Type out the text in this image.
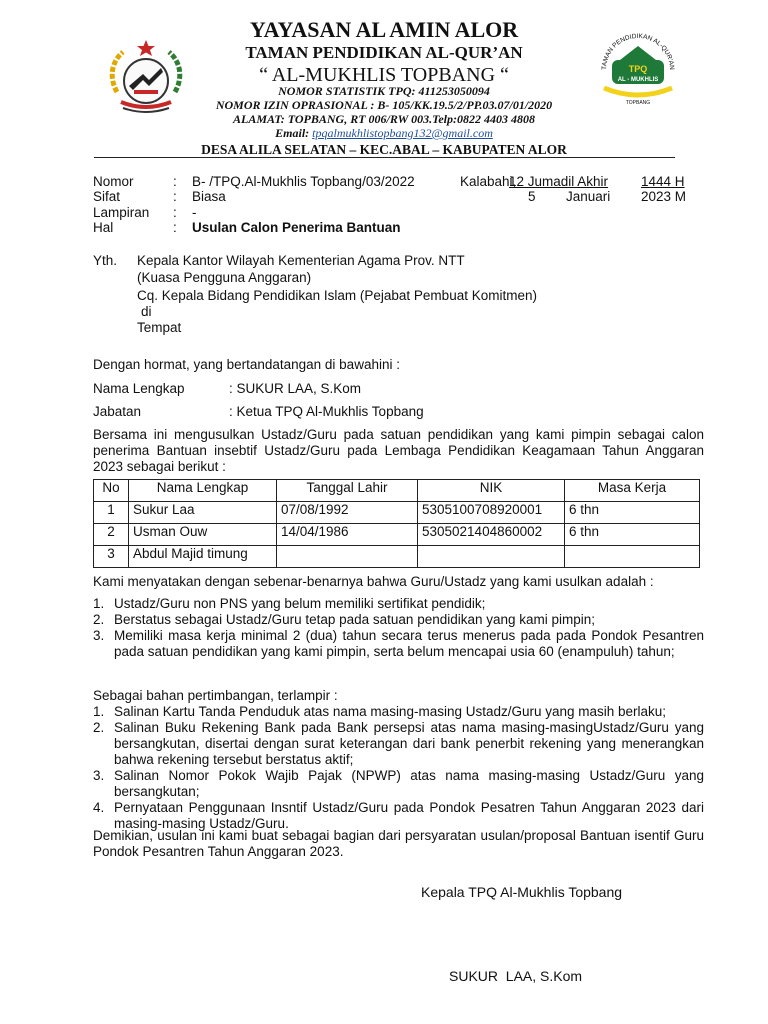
YAYASAN AL AMIN ALOR
TAMAN PENDIDIKAN AL-QUR’AN
“ AL-MUKHLIS TOPBANG “
NOMOR STATISTIK TPQ: 411253050094
NOMOR IZIN OPRASIONAL : B- 105/KK.19.5/2/PP.03.07/01/2020
ALAMAT: TOPBANG, RT 006/RW 003.Telp:0822 4403 4808
Email: tpqalmukhlistopbang132@gmail.com
DESA ALILA SELATAN – KEC.ABAL – KABUPATEN ALOR
TAMAN PENDIDIKAN AL-QUR'AN
TPQ
AL - MUKHLIS
TOPBANG
Nomor	: B- /TPQ.Al-Mukhlis Topbang/03/2022
Sifat	: Biasa
Lampiran : -
Hal	: Usulan Calon Penerima Bantuan
Kalabahi,
12 Jumadil Akhir 1444 H
5 Januari 2023 M
Yth. Kepala Kantor Wilayah Kementerian Agama Prov. NTT
(Kuasa Pengguna Anggaran)
Cq. Kepala Bidang Pendidikan Islam (Pejabat Pembuat Komitmen)
di
Tempat
Dengan hormat, yang bertandatangan di bawahini :
Nama Lengkap	: SUKUR LAA, S.Kom
Jabatan	: Ketua TPQ Al-Mukhlis Topbang
Bersama ini mengusulkan Ustadz/Guru pada satuan pendidikan yang kami pimpin sebagai calon penerima Bantuan insebtif Ustadz/Guru pada Lembaga Pendidikan Keagamaan Tahun Anggaran 2023 sebagai berikut :
No	Nama Lengkap	Tanggal Lahir	NIK	Masa Kerja
1	Sukur Laa	07/08/1992	5305100708920001	6 thn
2	Usman Ouw	14/04/1986	5305021404860002	6 thn
3	Abdul Majid timung			
Kami menyatakan dengan sebenar-benarnya bahwa Guru/Ustadz yang kami usulkan adalah :
1. Ustadz/Guru non PNS yang belum memiliki sertifikat pendidik;
2. Berstatus sebagai Ustadz/Guru tetap pada satuan pendidikan yang kami pimpin;
3. Memiliki masa kerja minimal 2 (dua) tahun secara terus menerus pada pada Pondok Pesantren pada satuan pendidikan yang kami pimpin, serta belum mencapai usia 60 (enampuluh) tahun;
Sebagai bahan pertimbangan, terlampir :
1. Salinan Kartu Tanda Penduduk atas nama masing-masing Ustadz/Guru yang masih berlaku;
2. Salinan Buku Rekening Bank pada Bank persepsi atas nama masing-masingUstadz/Guru yang bersangkutan, disertai dengan surat keterangan dari bank penerbit rekening yang menerangkan bahwa rekening tersebut berstatus aktif;
3. Salinan Nomor Pokok Wajib Pajak (NPWP) atas nama masing-masing Ustadz/Guru yang bersangkutan;
4. Pernyataan Penggunaan Insntif Ustadz/Guru pada Pondok Pesatren Tahun Anggaran 2023 dari masing-masing Ustadz/Guru.
Demikian, usulan ini kami buat sebagai bagian dari persyaratan usulan/proposal Bantuan isentif Guru Pondok Pesantren Tahun Anggaran 2023.
Kepala TPQ Al-Mukhlis Topbang
SUKUR  LAA, S.Kom
